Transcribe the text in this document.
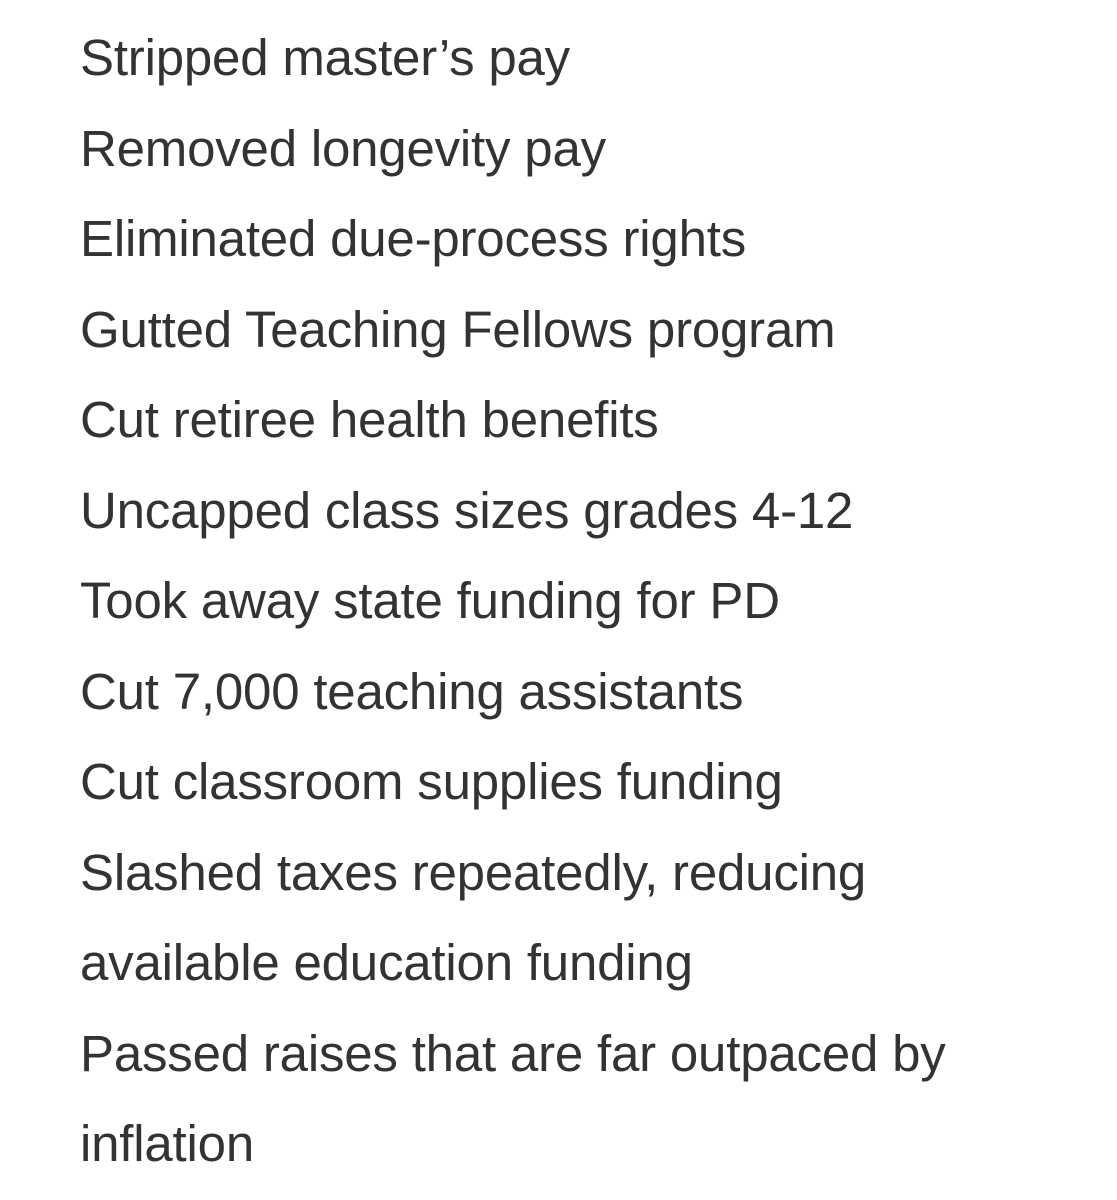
Stripped master’s pay
Removed longevity pay
Eliminated due-process rights
Gutted Teaching Fellows program
Cut retiree health benefits
Uncapped class sizes grades 4-12
Took away state funding for PD
Cut 7,000 teaching assistants
Cut classroom supplies funding
Slashed taxes repeatedly, reducing
available education funding
Passed raises that are far outpaced by
inflation
